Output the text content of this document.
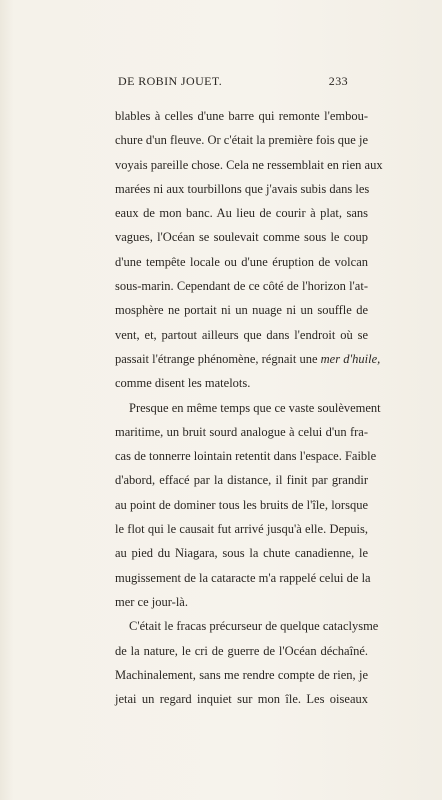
DE ROBIN JOUET.	233

blables à celles d'une barre qui remonte l'embou-
chure d'un fleuve. Or c'était la première fois que je
voyais pareille chose. Cela ne ressemblait en rien aux
marées ni aux tourbillons que j'avais subis dans les
eaux de mon banc. Au lieu de courir à plat, sans
vagues, l'Océan se soulevait comme sous le coup
d'une tempête locale ou d'une éruption de volcan
sous-marin. Cependant de ce côté de l'horizon l'at-
mosphère ne portait ni un nuage ni un souffle de
vent, et, partout ailleurs que dans l'endroit où se
passait l'étrange phénomène, régnait une mer d'huile,
comme disent les matelots.

Presque en même temps que ce vaste soulèvement
maritime, un bruit sourd analogue à celui d'un fra-
cas de tonnerre lointain retentit dans l'espace. Faible
d'abord, effacé par la distance, il finit par grandir
au point de dominer tous les bruits de l'île, lorsque
le flot qui le causait fut arrivé jusqu'à elle. Depuis,
au pied du Niagara, sous la chute canadienne, le
mugissement de la cataracte m'a rappelé celui de la
mer ce jour-là.

C'était le fracas précurseur de quelque cataclysme
de la nature, le cri de guerre de l'Océan déchaîné.
Machinalement, sans me rendre compte de rien, je
jetai un regard inquiet sur mon île. Les oiseaux
